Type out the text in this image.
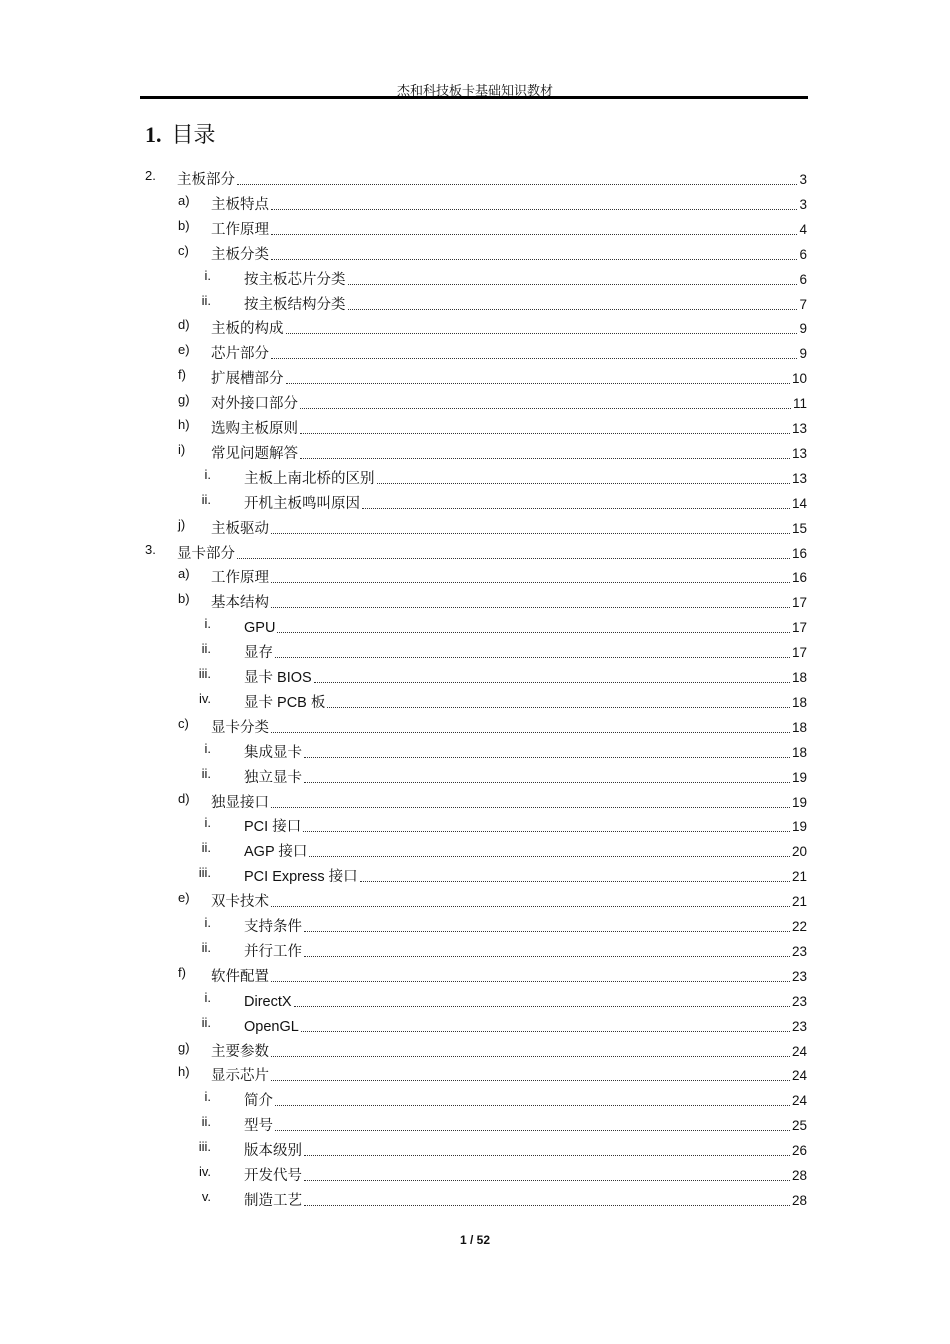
杰和科技板卡基础知识教材
1. 目录
2. 主板部分	3
a) 主板特点	3
b) 工作原理	4
c) 主板分类	6
i. 按主板芯片分类	6
ii. 按主板结构分类	7
d) 主板的构成	9
e) 芯片部分	9
f) 扩展槽部分	10
g) 对外接口部分	11
h) 选购主板原则	13
i) 常见问题解答	13
i. 主板上南北桥的区别	13
ii. 开机主板鸣叫原因	14
j) 主板驱动	15
3. 显卡部分	16
a) 工作原理	16
b) 基本结构	17
i. GPU	17
ii. 显存	17
iii. 显卡 BIOS	18
iv. 显卡 PCB 板	18
c) 显卡分类	18
i. 集成显卡	18
ii. 独立显卡	19
d) 独显接口	19
i. PCI 接口	19
ii. AGP 接口	20
iii. PCI Express 接口	21
e) 双卡技术	21
i. 支持条件	22
ii. 并行工作	23
f) 软件配置	23
i. DirectX	23
ii. OpenGL	23
g) 主要参数	24
h) 显示芯片	24
i. 简介	24
ii. 型号	25
iii. 版本级别	26
iv. 开发代号	28
v. 制造工艺	28
1 / 52
